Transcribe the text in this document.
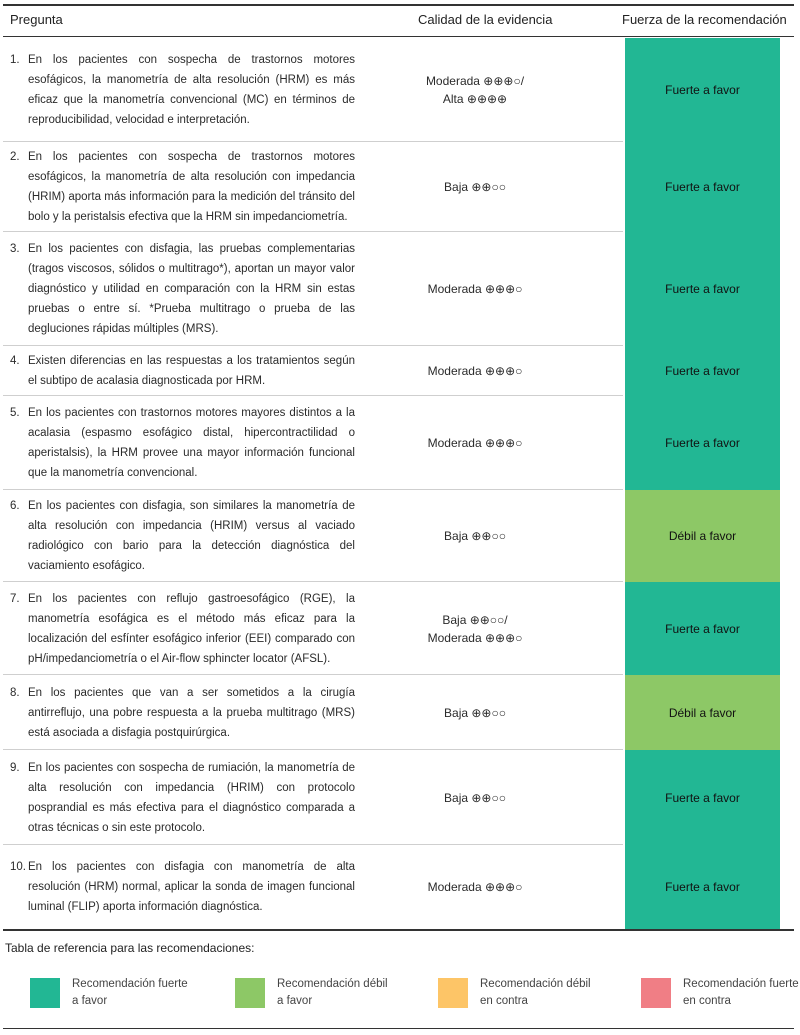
Pregunta	Calidad de la evidencia	Fuerza de la recomendación
1. En los pacientes con sospecha de trastornos motores esofágicos, la manometría de alta resolución (HRM) es más eficaz que la manometría convencional (MC) en términos de reproducibilidad, velocidad e interpretación.
Moderada ⊕⊕⊕○/
Alta ⊕⊕⊕⊕
Fuerte a favor
2. En los pacientes con sospecha de trastornos motores esofágicos, la manometría de alta resolución con impedancia (HRIM) aporta más información para la medición del tránsito del bolo y la peristalsis efectiva que la HRM sin impedanciometría.
Baja ⊕⊕○○	Fuerte a favor
3. En los pacientes con disfagia, las pruebas complementarias (tragos viscosos, sólidos o multitrago*), aportan un mayor valor diagnóstico y utilidad en comparación con la HRM sin estas pruebas o entre sí. *Prueba multitrago o prueba de las degluciones rápidas múltiples (MRS).
Moderada ⊕⊕⊕○	Fuerte a favor
4. Existen diferencias en las respuestas a los tratamientos según el subtipo de acalasia diagnosticada por HRM.
Moderada ⊕⊕⊕○	Fuerte a favor
5. En los pacientes con trastornos motores mayores distintos a la acalasia (espasmo esofágico distal, hipercontractilidad o aperistalsis), la HRM provee una mayor información funcional que la manometría convencional.
Moderada ⊕⊕⊕○	Fuerte a favor
6. En los pacientes con disfagia, son similares la manometría de alta resolución con impedancia (HRIM) versus al vaciado radiológico con bario para la detección diagnóstica del vaciamiento esofágico.
Baja ⊕⊕○○	Débil a favor
7. En los pacientes con reflujo gastroesofágico (RGE), la manometría esofágica es el método más eficaz para la localización del esfínter esofágico inferior (EEI) comparado con pH/impedanciometría o el Air-flow sphincter locator (AFSL).
Baja ⊕⊕○○/
Moderada ⊕⊕⊕○
Fuerte a favor
8. En los pacientes que van a ser sometidos a la cirugía antirreflujo, una pobre respuesta a la prueba multitrago (MRS) está asociada a disfagia postquirúrgica.
Baja ⊕⊕○○	Débil a favor
9. En los pacientes con sospecha de rumiación, la manometría de alta resolución con impedancia (HRIM) con protocolo posprandial es más efectiva para el diagnóstico comparada a otras técnicas o sin este protocolo.
Baja ⊕⊕○○	Fuerte a favor
10. En los pacientes con disfagia con manometría de alta resolución (HRM) normal, aplicar la sonda de imagen funcional luminal (FLIP) aporta información diagnóstica.
Moderada ⊕⊕⊕○	Fuerte a favor
Tabla de referencia para las recomendaciones:
Recomendación fuerte a favor
Recomendación débil a favor
Recomendación débil en contra
Recomendación fuerte en contra
